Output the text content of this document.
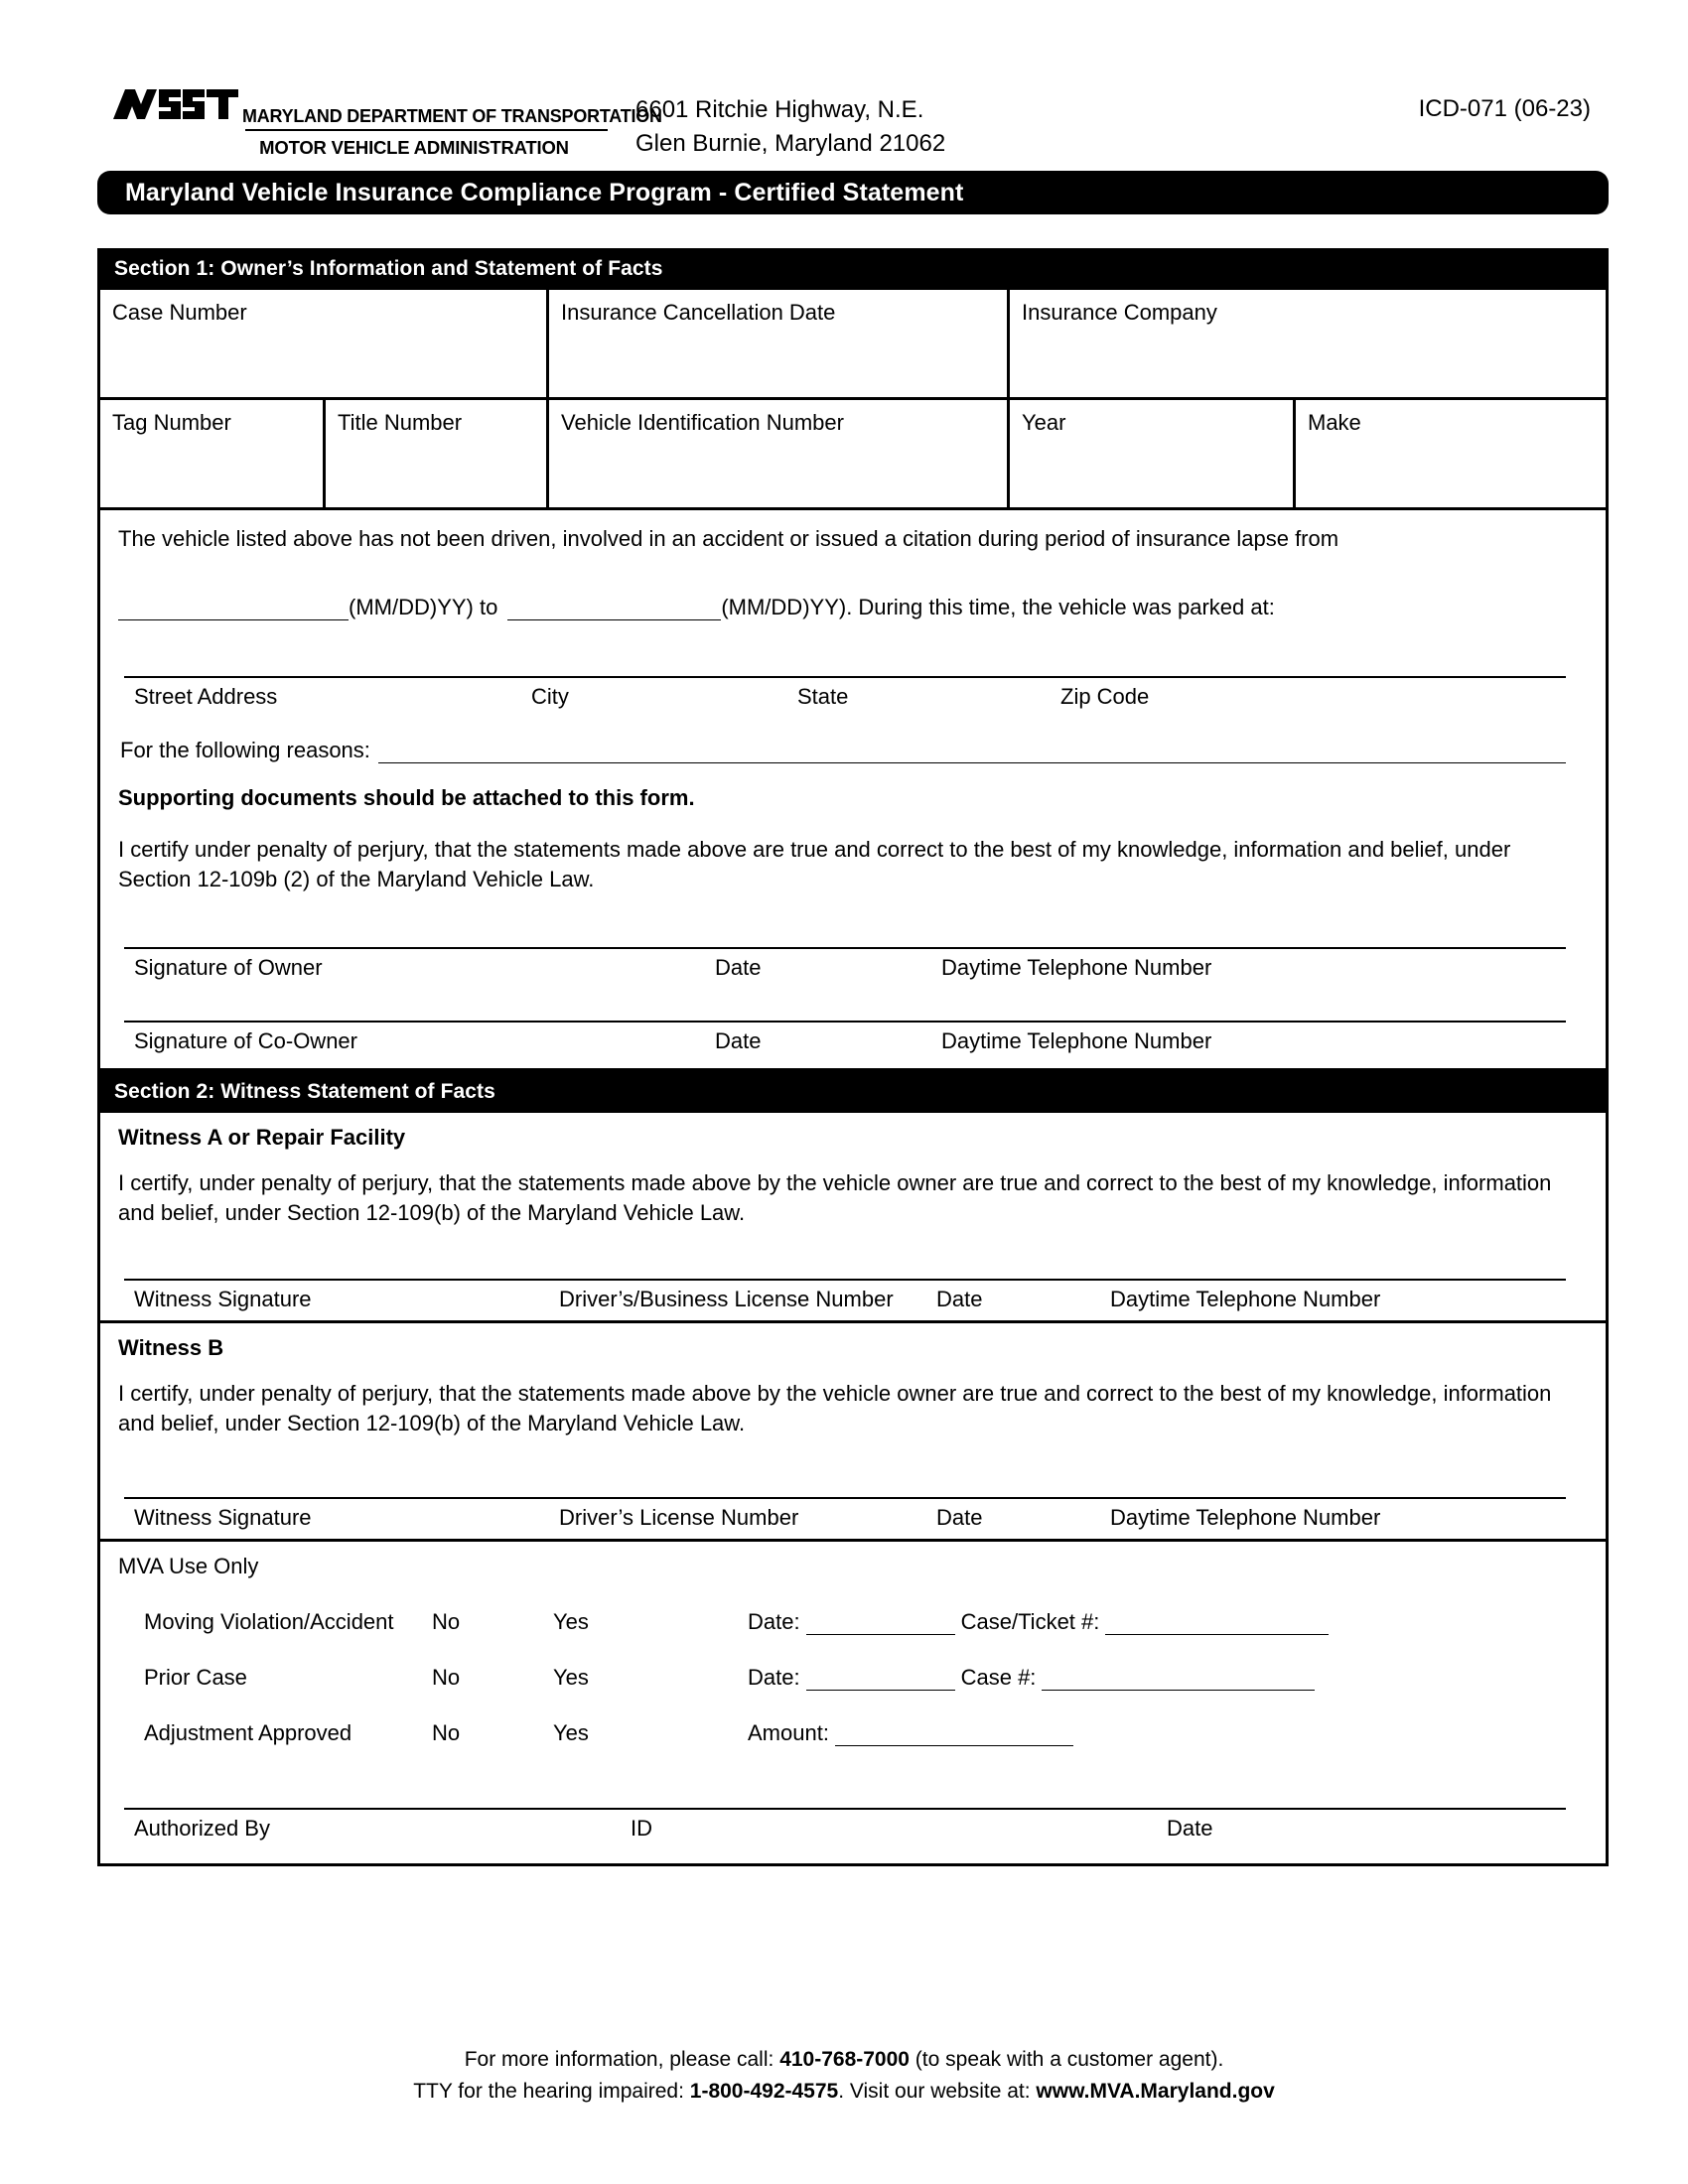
MARYLAND DEPARTMENT OF TRANSPORTATION
MOTOR VEHICLE ADMINISTRATION
6601 Ritchie Highway, N.E.
Glen Burnie, Maryland 21062
ICD-071 (06-23)
Maryland Vehicle Insurance Compliance Program - Certified Statement
Section 1: Owner’s Information and Statement of Facts
Case Number	Insurance Cancellation Date	Insurance Company
Tag Number	Title Number	Vehicle Identification Number	Year	Make
The vehicle listed above has not been driven, involved in an accident or issued a citation during period of insurance lapse from
(MM/DD)YY) to	(MM/DD)YY). During this time, the vehicle was parked at:
Street Address	City	State	Zip Code
For the following reasons:
Supporting documents should be attached to this form.
I certify under penalty of perjury, that the statements made above are true and correct to the best of my knowledge, information and belief, under Section 12-109b (2) of the Maryland Vehicle Law.
Signature of Owner	Date	Daytime Telephone Number
Signature of Co-Owner	Date	Daytime Telephone Number
Section 2: Witness Statement of Facts
Witness A or Repair Facility
I certify, under penalty of perjury, that the statements made above by the vehicle owner are true and correct to the best of my knowledge, information and belief, under Section 12-109(b) of the Maryland Vehicle Law.
Witness Signature	Driver’s/Business License Number	Date	Daytime Telephone Number
Witness B
I certify, under penalty of perjury, that the statements made above by the vehicle owner are true and correct to the best of my knowledge, information and belief, under Section 12-109(b) of the Maryland Vehicle Law.
Witness Signature	Driver’s License Number	Date	Daytime Telephone Number
MVA Use Only
Moving Violation/Accident	No	Yes	Date:	Case/Ticket #:
Prior Case	No	Yes	Date:	Case #:
Adjustment Approved	No	Yes	Amount:
Authorized By	ID	Date
For more information, please call: 410-768-7000 (to speak with a customer agent).
TTY for the hearing impaired: 1-800-492-4575. Visit our website at: www.MVA.Maryland.gov
